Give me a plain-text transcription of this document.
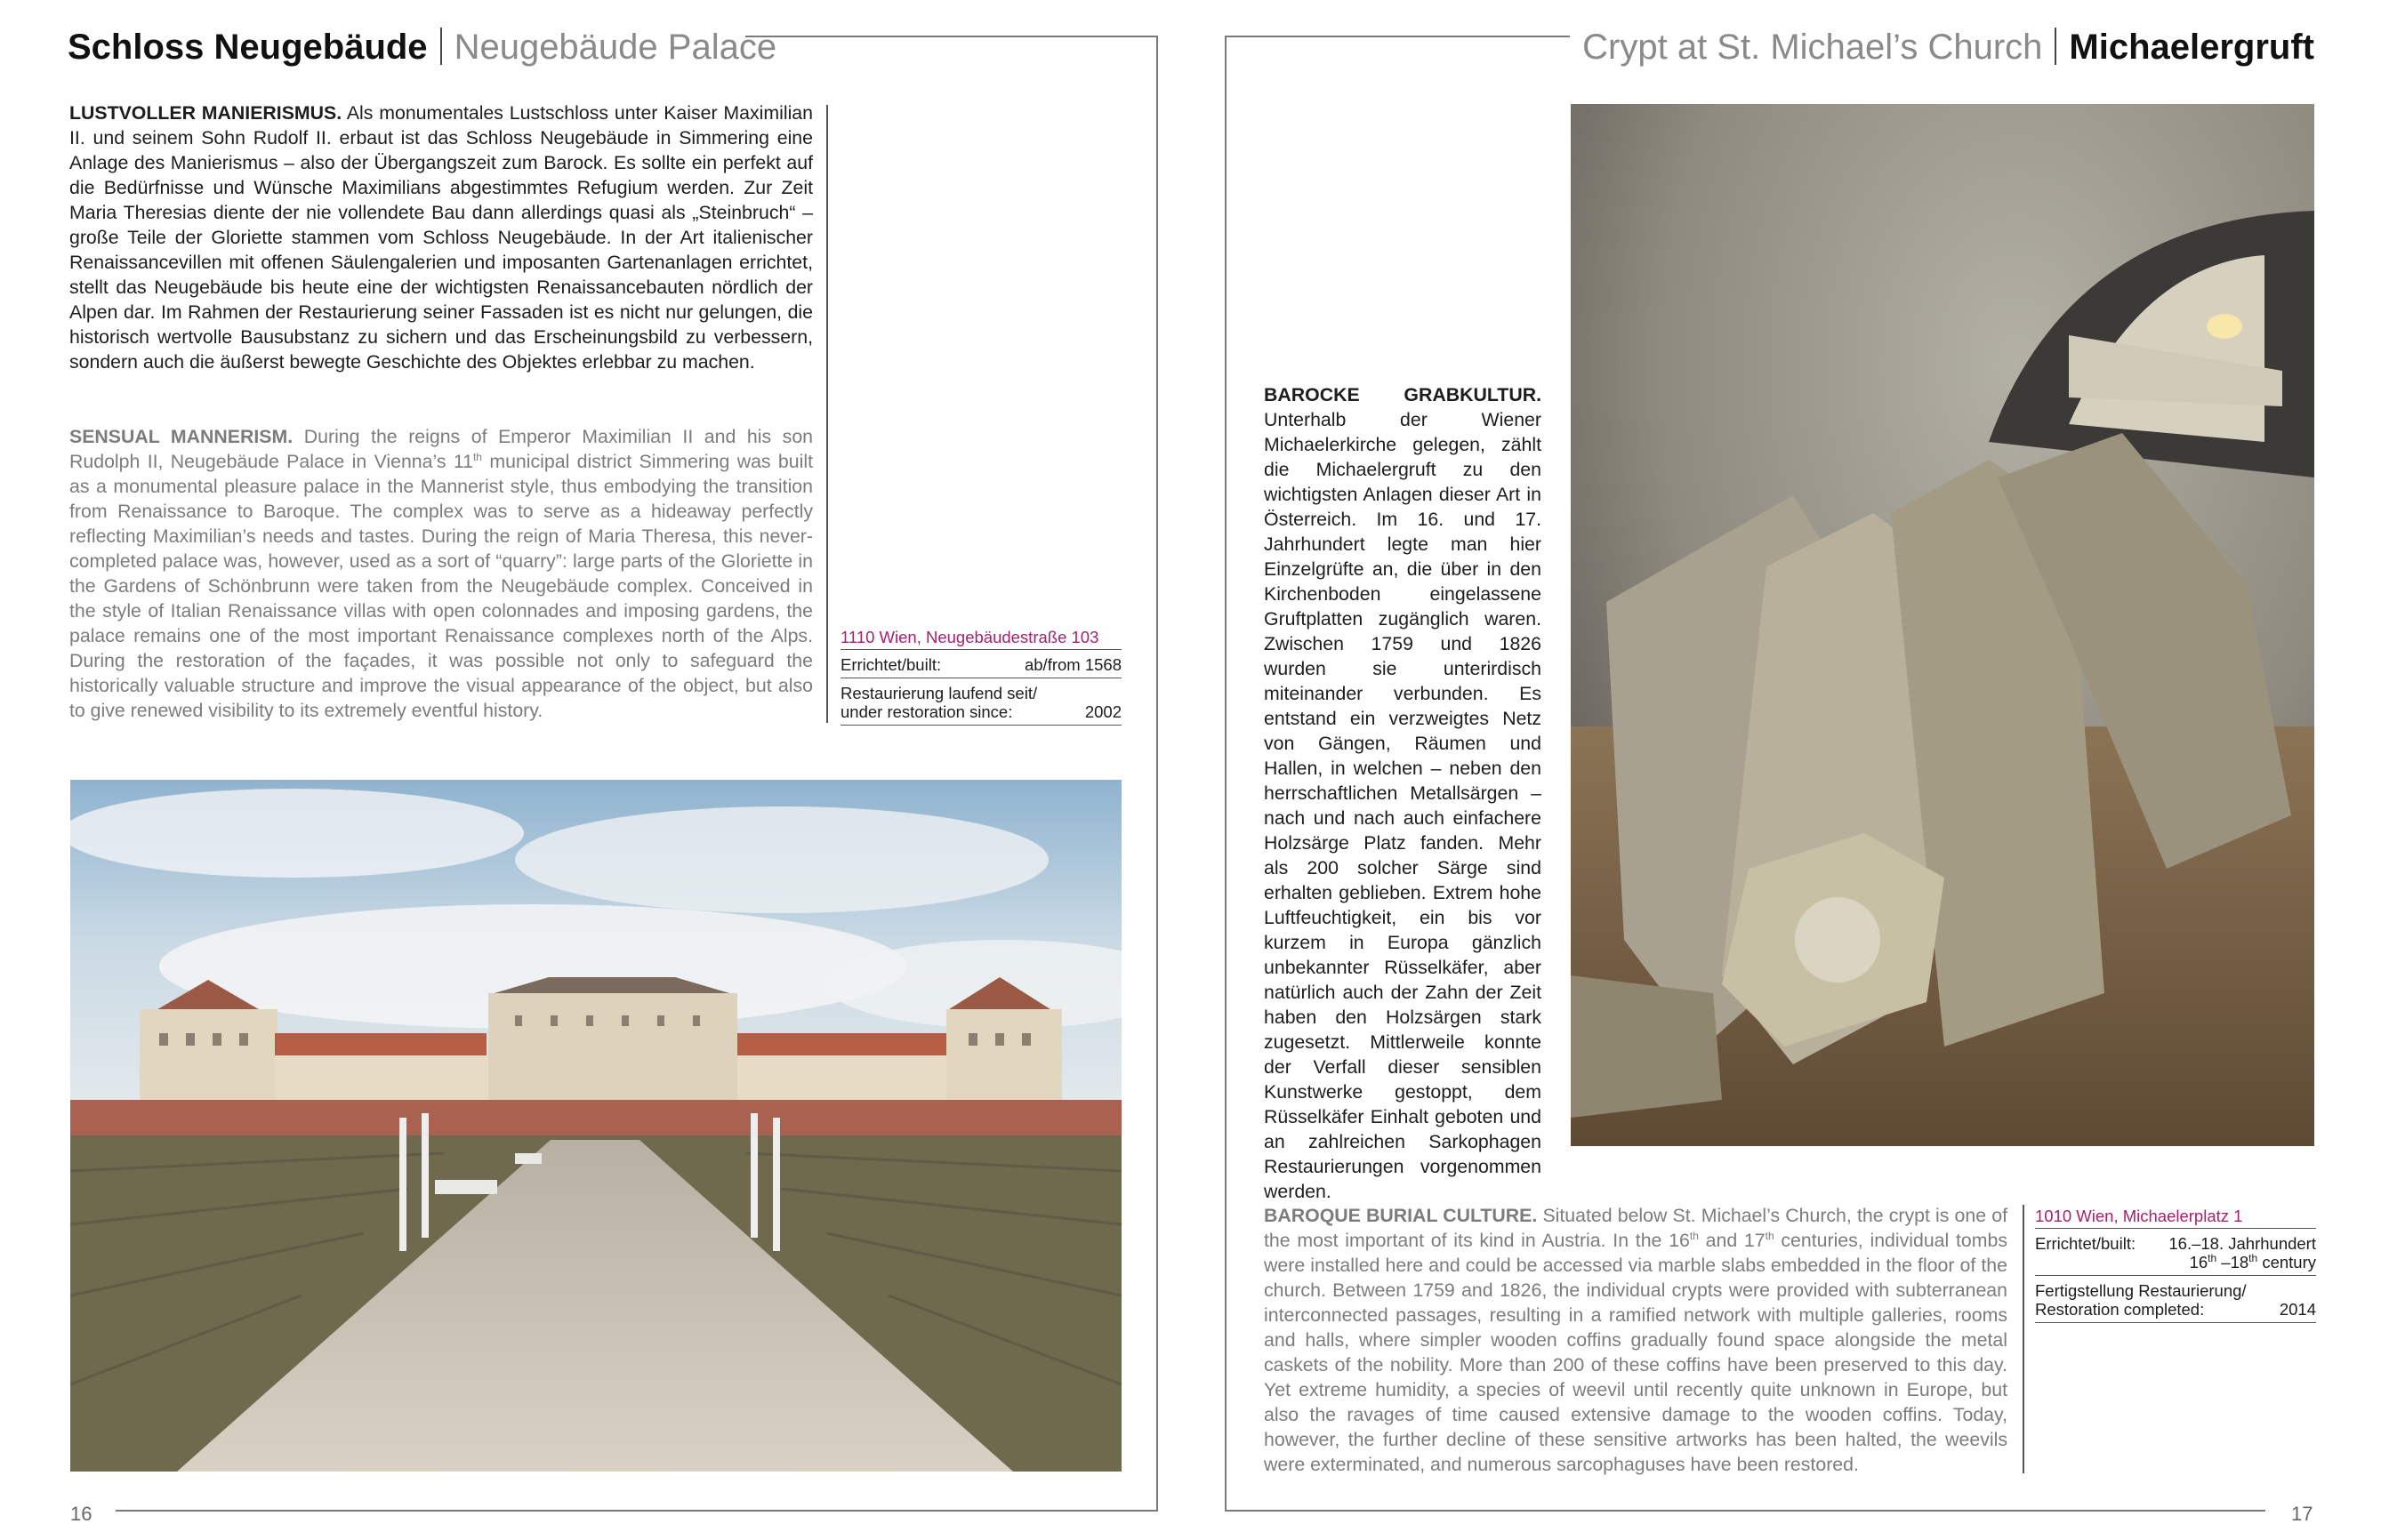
Schloss Neugebäude Neugebäude Palace

LUSTVOLLER MANIERISMUS. Als monumentales Lustschloss unter Kaiser Maximilian II. und seinem Sohn Rudolf II. erbaut ist das Schloss Neugebäude in Simmering eine Anlage des Manierismus – also der Übergangszeit zum Barock. Es sollte ein perfekt auf die Bedürfnisse und Wünsche Maximilians abgestimmtes Refugium werden. Zur Zeit Maria Theresias diente der nie vollendete Bau dann allerdings quasi als „Steinbruch“ – große Teile der Gloriette stammen vom Schloss Neugebäude. In der Art italienischer Renaissancevillen mit offenen Säulengalerien und imposanten Gartenanlagen errichtet, stellt das Neugebäude bis heute eine der wichtigsten Renaissancebauten nördlich der Alpen dar. Im Rahmen der Restaurierung seiner Fassaden ist es nicht nur gelungen, die historisch wertvolle Bausubstanz zu sichern und das Erscheinungsbild zu verbessern, sondern auch die äußerst bewegte Geschichte des Objektes erlebbar zu machen.

SENSUAL MANNERISM. During the reigns of Emperor Maximilian II and his son Rudolph II, Neugebäude Palace in Vienna’s 11th municipal district Simmering was built as a monumental pleasure palace in the Mannerist style, thus embodying the transition from Renaissance to Baroque. The complex was to serve as a hideaway perfectly reflecting Maximilian’s needs and tastes. During the reign of Maria Theresa, this never-completed palace was, however, used as a sort of “quarry”: large parts of the Gloriette in the Gardens of Schönbrunn were taken from the Neugebäude complex. Conceived in the style of Italian Renaissance villas with open colonnades and imposing gardens, the palace remains one of the most important Renaissance complexes north of the Alps. During the restoration of the façades, it was possible not only to safeguard the historically valuable structure and improve the visual appearance of the object, but also to give renewed visibility to its extremely eventful history.

1110 Wien, Neugebäudestraße 103
Errichtet/built:	ab/from 1568
Restaurierung laufend seit/
under restoration since:	2002
16
Crypt at St. Michael’s Church Michaelergruft

BAROCKE GRABKULTUR. Unterhalb der Wiener Michaelerkirche gelegen, zählt die Michaelergruft zu den wichtigsten Anlagen dieser Art in Österreich. Im 16. und 17. Jahrhundert legte man hier Einzelgrüfte an, die über in den Kirchenboden eingelassene Gruftplatten zugänglich waren. Zwischen 1759 und 1826 wurden sie unterirdisch miteinander verbunden. Es entstand ein verzweigtes Netz von Gängen, Räumen und Hallen, in welchen – neben den herrschaftlichen Metallsärgen – nach und nach auch einfachere Holzsärge Platz fanden. Mehr als 200 solcher Särge sind erhalten geblieben. Extrem hohe Luftfeuchtigkeit, ein bis vor kurzem in Europa gänzlich unbekannter Rüsselkäfer, aber natürlich auch der Zahn der Zeit haben den Holzsärgen stark zugesetzt. Mittlerweile konnte der Verfall dieser sensiblen Kunstwerke gestoppt, dem Rüsselkäfer Einhalt geboten und an zahlreichen Sarkophagen Restaurierungen vorgenommen werden.

BAROQUE BURIAL CULTURE. Situated below St. Michael’s Church, the crypt is one of the most important of its kind in Austria. In the 16th and 17th centuries, individual tombs were installed here and could be accessed via marble slabs embedded in the floor of the church. Between 1759 and 1826, the individual crypts were provided with subterranean interconnected passages, resulting in a ramified network with multiple galleries, rooms and halls, where simpler wooden coffins gradually found space alongside the metal caskets of the nobility. More than 200 of these coffins have been preserved to this day. Yet extreme humidity, a species of weevil until recently quite unknown in Europe, but also the ravages of time caused extensive damage to the wooden coffins. Today, however, the further decline of these sensitive artworks has been halted, the weevils were exterminated, and numerous sarcophaguses have been restored.

1010 Wien, Michaelerplatz 1
Errichtet/built: 16.–18. Jahrhundert
16th –18th century
Fertigstellung Restaurierung/
Restoration completed:	2014
17
